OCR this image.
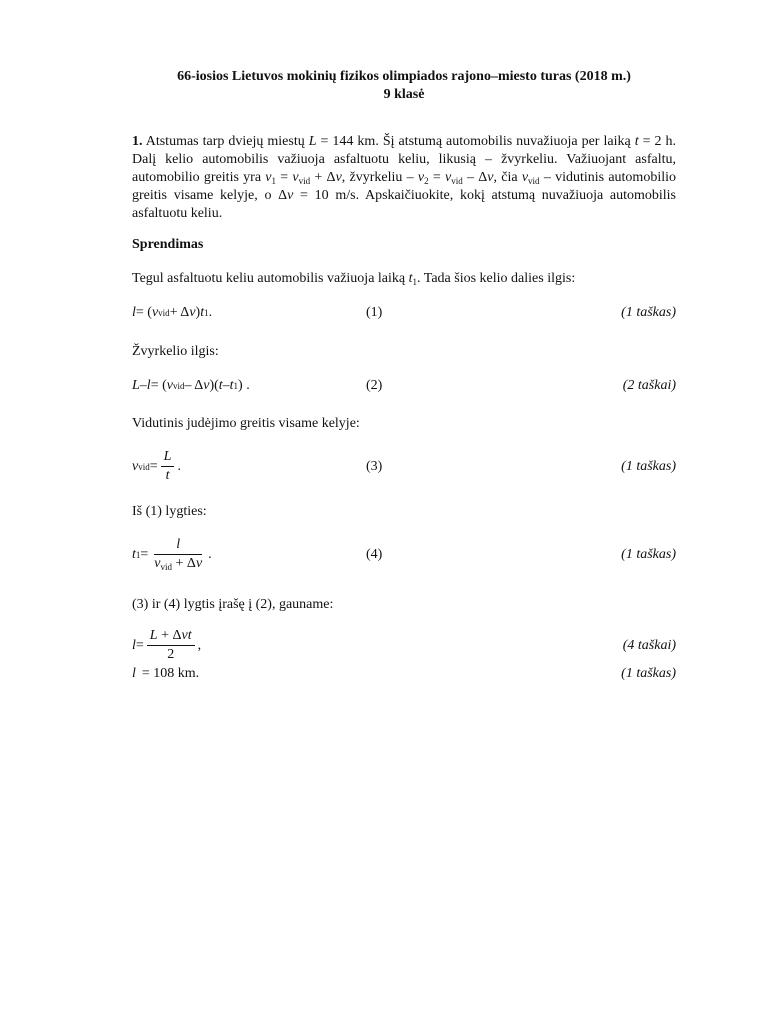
66-iosios Lietuvos mokinių fizikos olimpiados rajono–miesto turas (2018 m.)
9 klasė
1. Atstumas tarp dviejų miestų L = 144 km. Šį atstumą automobilis nuvažiuoja per laiką t = 2 h. Dalį kelio automobilis važiuoja asfaltuotu keliu, likusią – žvyrkeliu. Važiuojant asfaltu, automobilio greitis yra $v_1 = v_{vid} + \Delta v$, žvyrkeliu – $v_2 = v_{vid} - \Delta v$, čia $v_{vid}$ – vidutinis automobilio greitis visame kelyje, o Δv = 10 m/s. Apskaičiuokite, kokį atstumą nuvažiuoja automobilis asfaltuotu keliu.
Sprendimas
Tegul asfaltuotu keliu automobilis važiuoja laiką $t_1$. Tada šios kelio dalies ilgis:
l = ( v vid + Δ v ) t 1 .	(1)	(1 taškas)
Žvyrkelio ilgis:
L – l = ( v vid – Δ v )( t – t 1 ) .	(2)	(2 taškai)
Vidutinis judėjimo greitis visame kelyje:
v vid = $\frac{L}{t}$ .	(3)	(1 taškas)
Iš (1) lygties:
t $1 = \frac{l}{v_{vid} + \Delta v}$ .	(4)	(1 taškas)
(3) ir (4) lygtis įrašę į (2), gauname:
$l = \frac{\text{L + Δvt}}{2}$ ,	(4 taškai)
l = 108 km.	(1 taškas)
